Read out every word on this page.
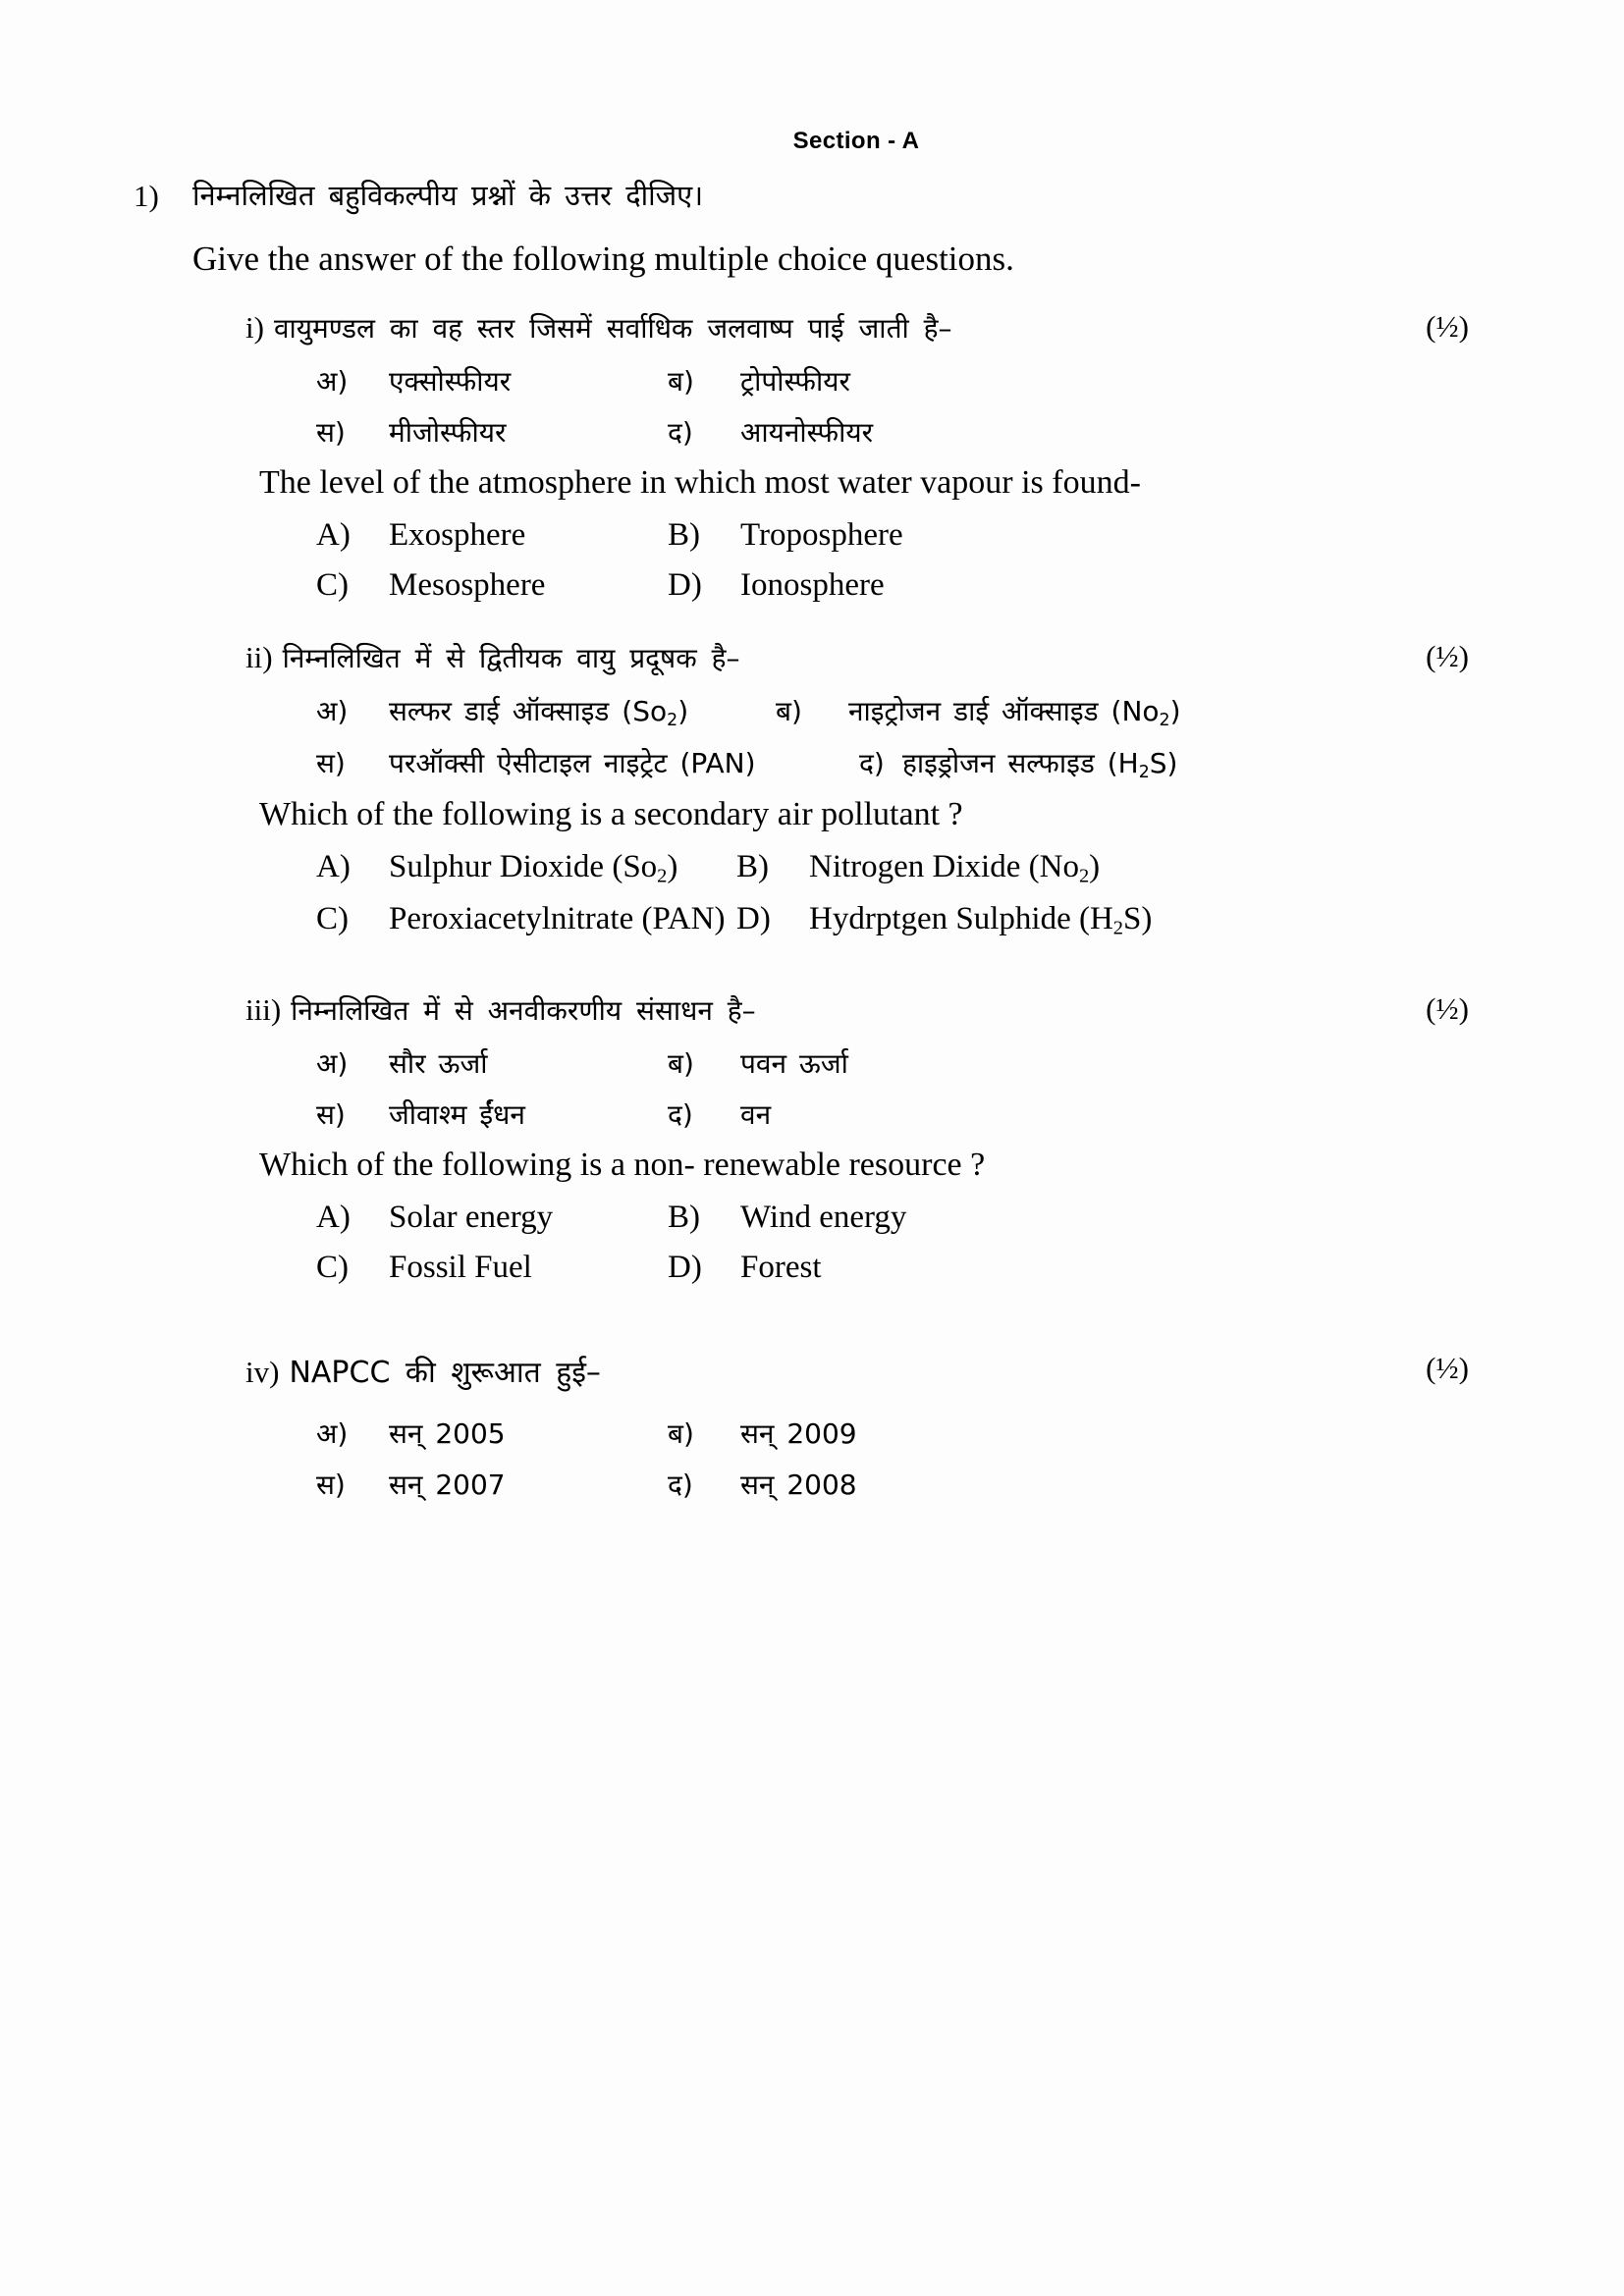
Section - A
1)	निम्नलिखित बहुविकल्पीय प्रश्नों के उत्तर दीजिए।
Give the answer of the following multiple choice questions.
i) वायुमण्डल का वह स्तर जिसमें सर्वाधिक जलवाष्प पाई जाती है–	(½)
अ)	एक्सोस्फीयर	ब)	ट्रोपोस्फीयर
स)	मीजोस्फीयर	द)	आयनोस्फीयर
The level of the atmosphere in which most water vapour is found-
A)	Exosphere	B)	Troposphere
C)	Mesosphere	D)	Ionosphere
ii) निम्नलिखित में से द्वितीयक वायु प्रदूषक है–	(½)
अ)	सल्फर डाई ऑक्साइड $(So_2)$	ब)	नाइट्रोजन डाई ऑक्साइड $(No_2)$
स)	परऑक्सी ऐसीटाइल नाइट्रेट (PAN)	द) हाइड्रोजन सल्फाइड $(H_2S)$
Which of the following is a secondary air pollutant ?
A)	Sulphur Dioxide $(So_2)$ B)	Nitrogen Dixide $(No_2)$
C)	Peroxiacetylnitrate (PAN) D)	Hydrptgen Sulphide $(H_2S)$
iii) निम्नलिखित में से अनवीकरणीय संसाधन है–	(½)
अ)	सौर ऊर्जा	ब)	पवन ऊर्जा
स)	जीवाश्म ईंधन	द)	वन
Which of the following is a non- renewable resource ?
A)	Solar energy	B)	Wind energy
C)	Fossil Fuel	D)	Forest
iv) NAPCC की शुरूआत हुई–	(½)
अ)	सन् 2005	ब)	सन् 2009
स)	सन् 2007	द)	सन् 2008
